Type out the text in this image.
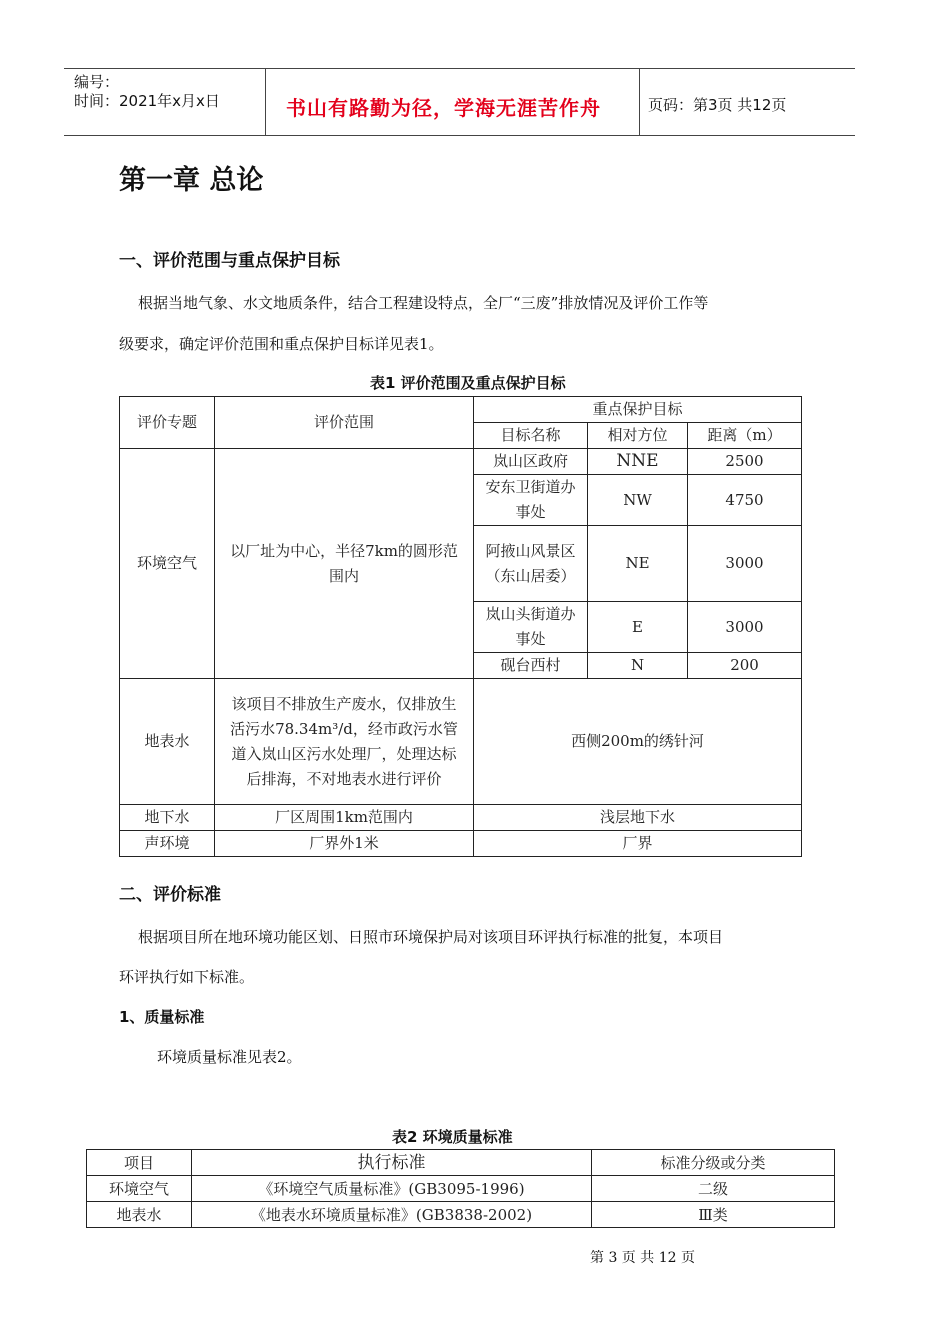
编号：
时间：2021年x月x日	书山有路勤为径，学海无涯苦作舟	页码：第3页 共12页
第一章 总论
一、评价范围与重点保护目标
根据当地气象、水文地质条件，结合工程建设特点，全厂“三废”排放情况及评价工作等
级要求，确定评价范围和重点保护目标详见表1。
表1 评价范围及重点保护目标
评价专题	评价范围	重点保护目标		
		目标名称	相对方位	距离（m）
环境空气	以厂址为中心，半径7km的圆形范围内	岚山区政府	NNE	2500
		安东卫街道办事处	NW	4750
		阿掖山风景区（东山居委）	NE	3000
		岚山头街道办事处	E	3000
		砚台西村	N	200
地表水	该项目不排放生产废水，仅排放生活污水78.34m³/d，经市政污水管道入岚山区污水处理厂，处理达标后排海，不对地表水进行评价	西侧200m的绣针河		
地下水	厂区周围1km范围内	浅层地下水		
声环境	厂界外1米	厂界		
二、评价标准
根据项目所在地环境功能区划、日照市环境保护局对该项目环评执行标准的批复，本项目
环评执行如下标准。
1、质量标准
环境质量标准见表2。
表2 环境质量标准
项目	执行标准	标准分级或分类
环境空气	《环境空气质量标准》(GB3095-1996)	二级
地表水	《地表水环境质量标准》(GB3838-2002)	Ⅲ类
第 3 页 共 12 页
